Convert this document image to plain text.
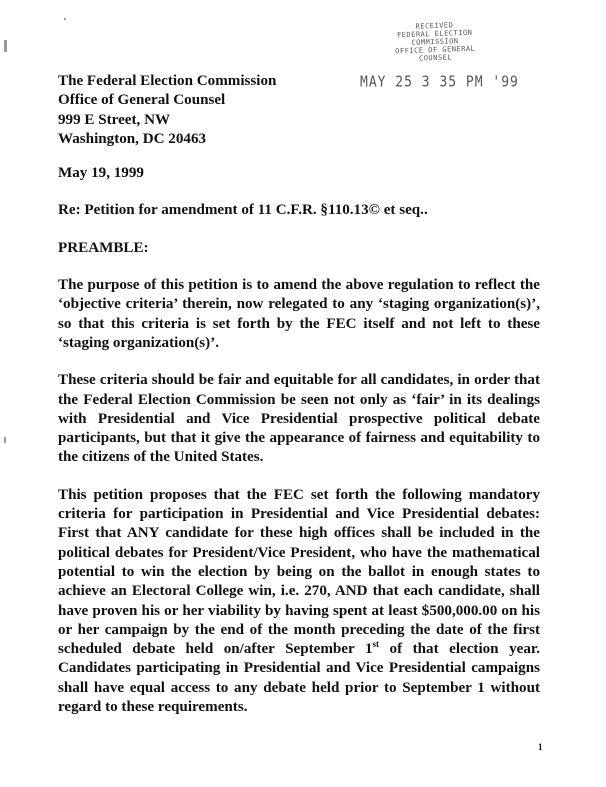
RECEIVED
FEDERAL ELECTION
COMMISSION
OFFICE OF GENERAL
COUNSEL
MAY 25 3 35 PM '99
The Federal Election Commission
Office of General Counsel
999 E Street, NW
Washington, DC 20463
May 19, 1999
Re: Petition for amendment of 11 C.F.R. §110.13© et seq..
PREAMBLE:

The purpose of this petition is to amend the above regulation to reflect the ‘objective criteria’ therein, now relegated to any ‘staging organization(s)’, so that this criteria is set forth by the FEC itself and not left to these ‘staging organization(s)’.

These criteria should be fair and equitable for all candidates, in order that the Federal Election Commission be seen not only as ‘fair’ in its dealings with Presidential and Vice Presidential prospective political debate participants, but that it give the appearance of fairness and equitability to the citizens of the United States.

This petition proposes that the FEC set forth the following mandatory criteria for participation in Presidential and Vice Presidential debates: First that ANY candidate for these high offices shall be included in the political debates for President/Vice President, who have the mathematical potential to win the election by being on the ballot in enough states to achieve an Electoral College win, i.e. 270, AND that each candidate, shall have proven his or her viability by having spent at least $500,000.00 on his or her campaign by the end of the month preceding the date of the first scheduled debate held on/after September 1st of that election year. Candidates participating in Presidential and Vice Presidential campaigns shall have equal access to any debate held prior to September 1 without regard to these requirements.

1
